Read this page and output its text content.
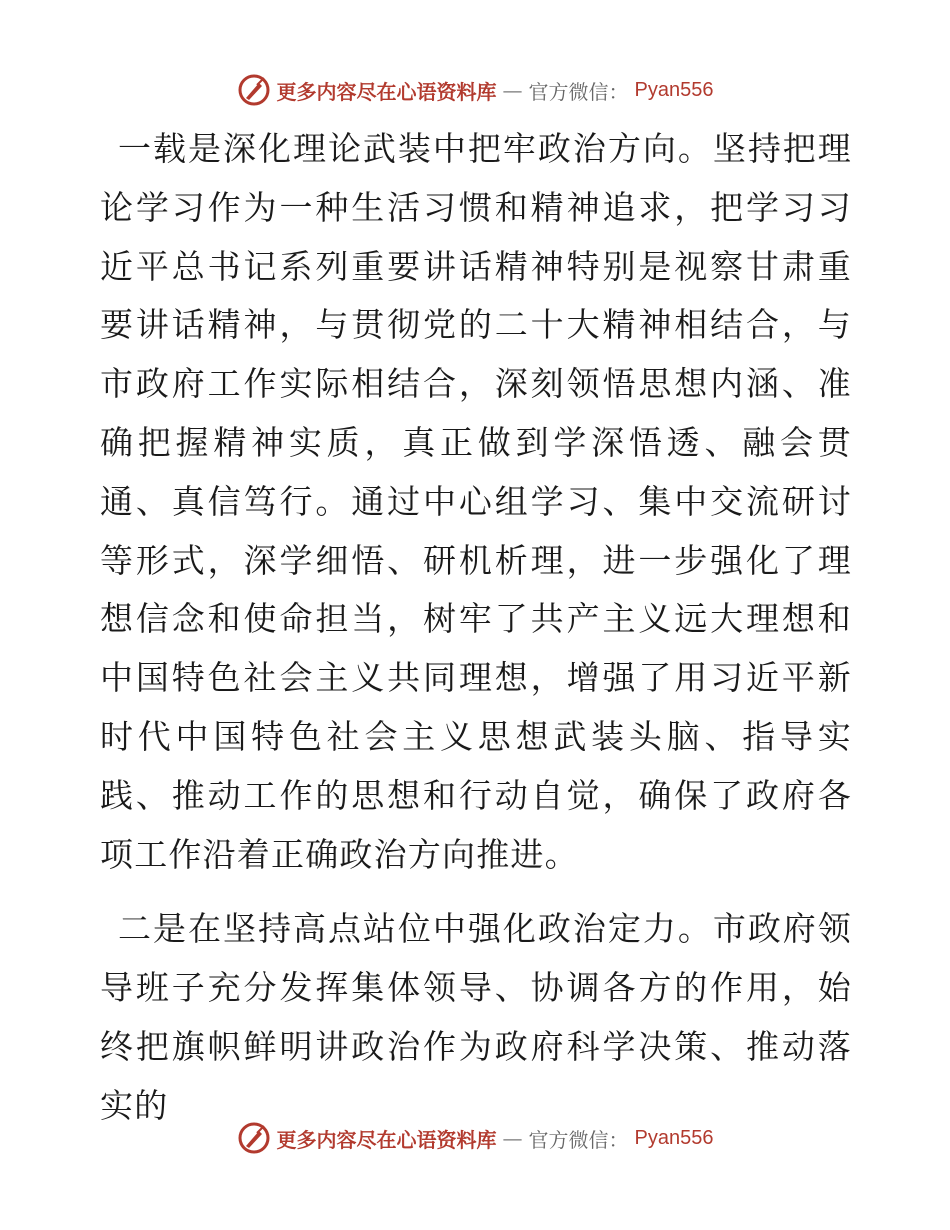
更多内容尽在心语资料库 — 官方微信： Pyan556

一载是深化理论武装中把牢政治方向。坚持把理论学习作为一种生活习惯和精神追求，把学习习近平总书记系列重要讲话精神特别是视察甘肃重要讲话精神，与贯彻党的二十大精神相结合，与市政府工作实际相结合，深刻领悟思想内涵、准确把握精神实质，真正做到学深悟透、融会贯通、真信笃行。通过中心组学习、集中交流研讨等形式，深学细悟、研机析理，进一步强化了理想信念和使命担当，树牢了共产主义远大理想和中国特色社会主义共同理想，增强了用习近平新时代中国特色社会主义思想武装头脑、指导实践、推动工作的思想和行动自觉，确保了政府各项工作沿着正确政治方向推进。

二是在坚持高点站位中强化政治定力。市政府领导班子充分发挥集体领导、协调各方的作用，始终把旗帜鲜明讲政治作为政府科学决策、推动落实的

更多内容尽在心语资料库 — 官方微信： Pyan556
